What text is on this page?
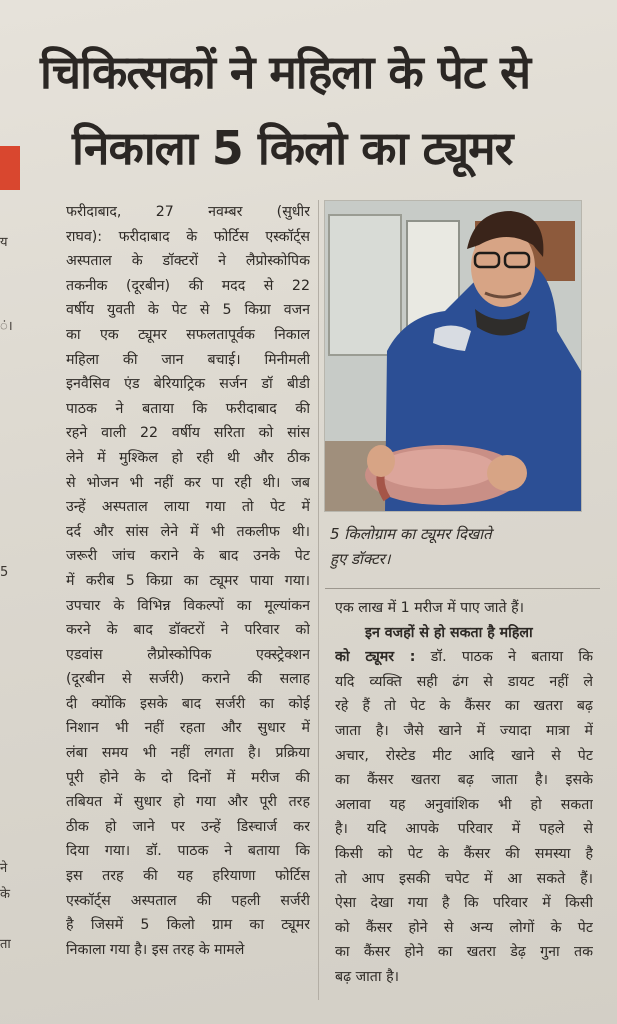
चिकित्सकों ने महिला के पेट से
निकाला 5 किलो का ट्यूमर
य
ं।
5
ने
के
ता

फरीदाबाद, 27 नवम्बर (सुधीर

राघव): फरीदाबाद के फोर्टिस एस्कॉर्ट्स

अस्पताल के डॉक्टरों ने लैप्रोस्कोपिक

तकनीक (दूरबीन) की मदद से 22

वर्षीय युवती के पेट से 5 किग्रा वजन

का एक ट्यूमर सफलतापूर्वक निकाल

महिला की जान बचाई। मिनीमली

इनवैसिव एंड बेरियाट्रिक सर्जन डॉ बीडी

पाठक ने बताया कि फरीदाबाद की

रहने वाली 22 वर्षीय सरिता को सांस

लेने में मुश्किल हो रही थी और ठीक

से भोजन भी नहीं कर पा रही थी। जब

उन्हें अस्पताल लाया गया तो पेट में

दर्द और सांस लेने में भी तकलीफ थी।

जरूरी जांच कराने के बाद उनके पेट

में करीब 5 किग्रा का ट्यूमर पाया गया।

उपचार के विभिन्न विकल्पों का मूल्यांकन

करने के बाद डॉक्टरों ने परिवार को

एडवांस लैप्रोस्कोपिक एक्स्ट्रेक्शन

(दूरबीन से सर्जरी) कराने की सलाह

दी क्योंकि इसके बाद सर्जरी का कोई

निशान भी नहीं रहता और सुधार में

लंबा समय भी नहीं लगता है। प्रक्रिया

पूरी होने के दो दिनों में मरीज की

तबियत में सुधार हो गया और पूरी तरह

ठीक हो जाने पर उन्हें डिस्चार्ज कर

दिया गया। डॉ. पाठक ने बताया कि

इस तरह की यह हरियाणा फोर्टिस

एस्कॉर्ट्स अस्पताल की पहली सर्जरी

है जिसमें 5 किलो ग्राम का ट्यूमर

निकाला गया है। इस तरह के मामले

5 किलोग्राम का ट्यूमर दिखाते
हुए डॉक्टर।

एक लाख में 1 मरीज में पाए जाते हैं।

इन वजहों से हो सकता है महिला

को ट्यूमर : डॉ. पाठक ने बताया कि

यदि व्यक्ति सही ढंग से डायट नहीं ले

रहे हैं तो पेट के कैंसर का खतरा बढ़

जाता है। जैसे खाने में ज्यादा मात्रा में

अचार, रोस्टेड मीट आदि खाने से पेट

का कैंसर खतरा बढ़ जाता है। इसके

अलावा यह अनुवांशिक भी हो सकता

है। यदि आपके परिवार में पहले से

किसी को पेट के कैंसर की समस्या है

तो आप इसकी चपेट में आ सकते हैं।

ऐसा देखा गया है कि परिवार में किसी

को कैंसर होने से अन्य लोगों के पेट

का कैंसर होने का खतरा डेढ़ गुना तक

बढ़ जाता है।
